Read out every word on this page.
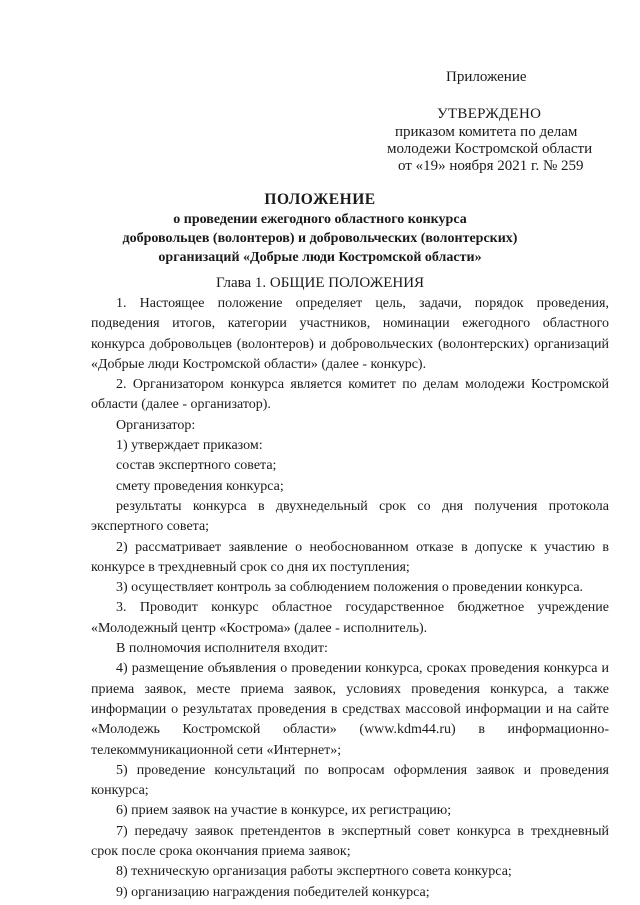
Приложение
УТВЕРЖДЕНО
приказом комитета по делам
молодежи Костромской области
от «19» ноября 2021 г. № 259
ПОЛОЖЕНИЕ
о проведении ежегодного областного конкурса
добровольцев (волонтеров) и добровольческих (волонтерских)
организаций «Добрые люди Костромской области»
Глава 1. ОБЩИЕ ПОЛОЖЕНИЯ

1. Настоящее положение определяет цель, задачи, порядок проведения, подведения итогов, категории участников, номинации ежегодного областного конкурса добровольцев (волонтеров) и добровольческих (волонтерских) организаций «Добрые люди Костромской области» (далее - конкурс).

2. Организатором конкурса является комитет по делам молодежи Костромской области (далее - организатор).

Организатор:

1) утверждает приказом:

состав экспертного совета;

смету проведения конкурса;

результаты конкурса в двухнедельный срок со дня получения протокола экспертного совета;

2) рассматривает заявление о необоснованном отказе в допуске к участию в конкурсе в трехдневный срок со дня их поступления;

3) осуществляет контроль за соблюдением положения о проведении конкурса.

3. Проводит конкурс областное государственное бюджетное учреждение «Молодежный центр «Кострома» (далее - исполнитель).

В полномочия исполнителя входит:

4) размещение объявления о проведении конкурса, сроках проведения конкурса и приема заявок, месте приема заявок, условиях проведения конкурса, а также информации о результатах проведения в средствах массовой информации и на сайте «Молодежь Костромской области» (www.kdm44.ru) в информационно-телекоммуникационной сети «Интернет»;

5) проведение консультаций по вопросам оформления заявок и проведения конкурса;

6) прием заявок на участие в конкурсе, их регистрацию;

7) передачу заявок претендентов в экспертный совет конкурса в трехдневный срок после срока окончания приема заявок;

8) техническую организация работы экспертного совета конкурса;

9) организацию награждения победителей конкурса;
